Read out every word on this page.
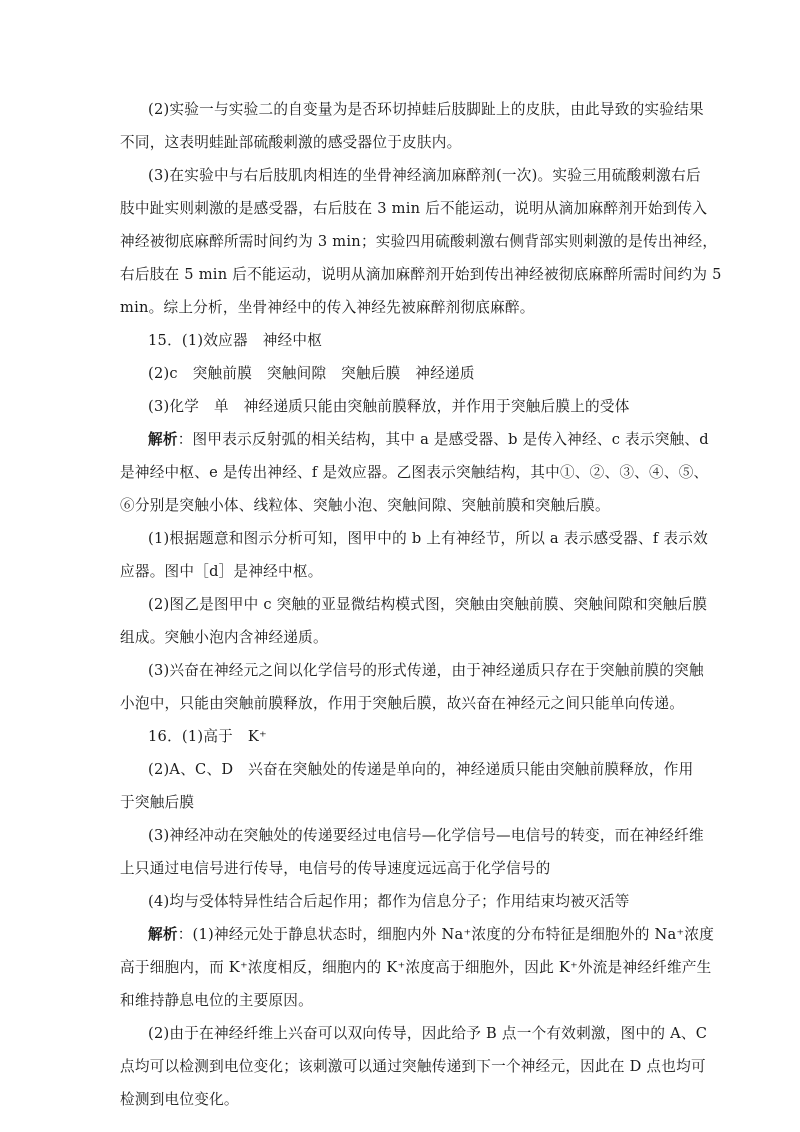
(2)实验一与实验二的自变量为是否环切掉蛙后肢脚趾上的皮肤，由此导致的实验结果
不同，这表明蛙趾部硫酸刺激的感受器位于皮肤内。
(3)在实验中与右后肢肌肉相连的坐骨神经滴加麻醉剂(一次)。实验三用硫酸刺激右后
肢中趾实则刺激的是感受器，右后肢在 3 min 后不能运动，说明从滴加麻醉剂开始到传入
神经被彻底麻醉所需时间约为 3 min；实验四用硫酸刺激右侧背部实则刺激的是传出神经，
右后肢在 5 min 后不能运动，说明从滴加麻醉剂开始到传出神经被彻底麻醉所需时间约为 5
min。综上分析，坐骨神经中的传入神经先被麻醉剂彻底麻醉。
15．(1)效应器　神经中枢
(2)c　突触前膜　突触间隙　突触后膜　神经递质
(3)化学　单　神经递质只能由突触前膜释放，并作用于突触后膜上的受体
解析：图甲表示反射弧的相关结构，其中 a 是感受器、b 是传入神经、c 表示突触、d
是神经中枢、e 是传出神经、f 是效应器。乙图表示突触结构，其中①、②、③、④、⑤、
⑥分别是突触小体、线粒体、突触小泡、突触间隙、突触前膜和突触后膜。
(1)根据题意和图示分析可知，图甲中的 b 上有神经节，所以 a 表示感受器、f 表示效
应器。图中［d］是神经中枢。
(2)图乙是图甲中 c 突触的亚显微结构模式图，突触由突触前膜、突触间隙和突触后膜
组成。突触小泡内含神经递质。
(3)兴奋在神经元之间以化学信号的形式传递，由于神经递质只存在于突触前膜的突触
小泡中，只能由突触前膜释放，作用于突触后膜，故兴奋在神经元之间只能单向传递。
16．(1)高于　K⁺
(2)A、C、D　兴奋在突触处的传递是单向的，神经递质只能由突触前膜释放，作用
于突触后膜
(3)神经冲动在突触处的传递要经过电信号—化学信号—电信号的转变，而在神经纤维
上只通过电信号进行传导，电信号的传导速度远远高于化学信号的
(4)均与受体特异性结合后起作用；都作为信息分子；作用结束均被灭活等
解析：(1)神经元处于静息状态时，细胞内外 Na⁺浓度的分布特征是细胞外的 Na⁺浓度
高于细胞内，而 K⁺浓度相反，细胞内的 K⁺浓度高于细胞外，因此 K⁺外流是神经纤维产生
和维持静息电位的主要原因。
(2)由于在神经纤维上兴奋可以双向传导，因此给予 B 点一个有效刺激，图中的 A、C
点均可以检测到电位变化；该刺激可以通过突触传递到下一个神经元，因此在 D 点也均可
检测到电位变化。
